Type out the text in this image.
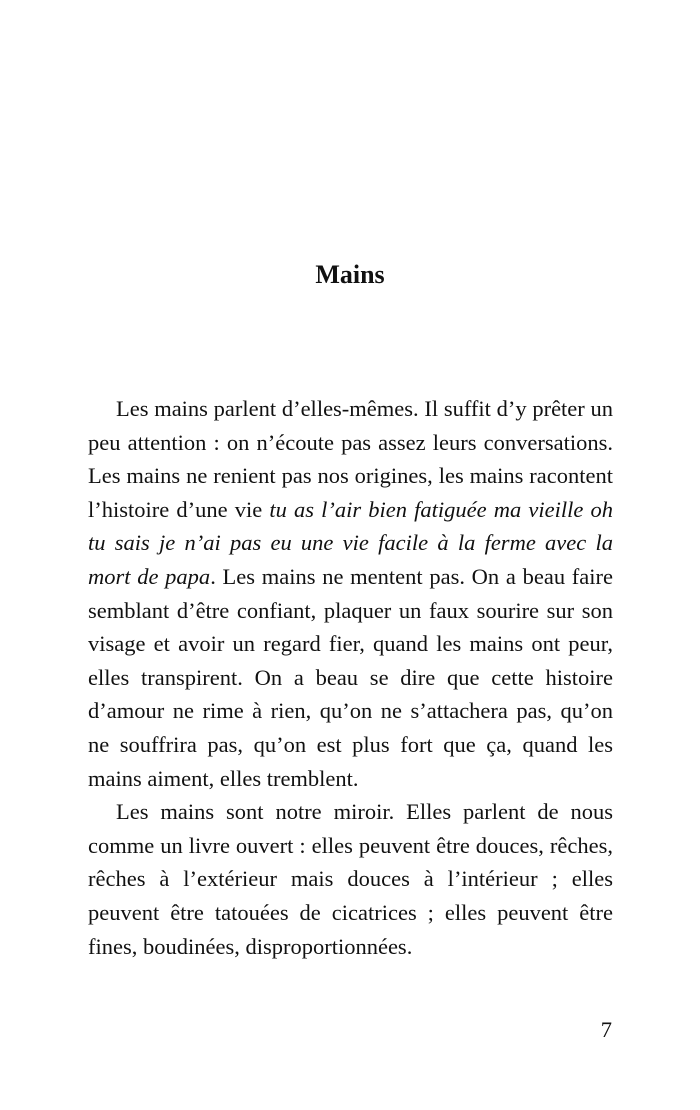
Mains

Les mains parlent d’elles-mêmes. Il suffit d’y prêter un peu attention : on n’écoute pas assez leurs conversations. Les mains ne renient pas nos origines, les mains racontent l’histoire d’une vie tu as l’air bien fatiguée ma vieille oh tu sais je n’ai pas eu une vie facile à la ferme avec la mort de papa. Les mains ne mentent pas. On a beau faire semblant d’être confiant, plaquer un faux sourire sur son visage et avoir un regard fier, quand les mains ont peur, elles transpirent. On a beau se dire que cette histoire d’amour ne rime à rien, qu’on ne s’attachera pas, qu’on ne souffrira pas, qu’on est plus fort que ça, quand les mains aiment, elles tremblent.

Les mains sont notre miroir. Elles parlent de nous comme un livre ouvert : elles peuvent être douces, rêches, rêches à l’extérieur mais douces à l’intérieur ; elles peuvent être tatouées de cicatrices ; elles peuvent être fines, boudinées, disproportionnées.

7
